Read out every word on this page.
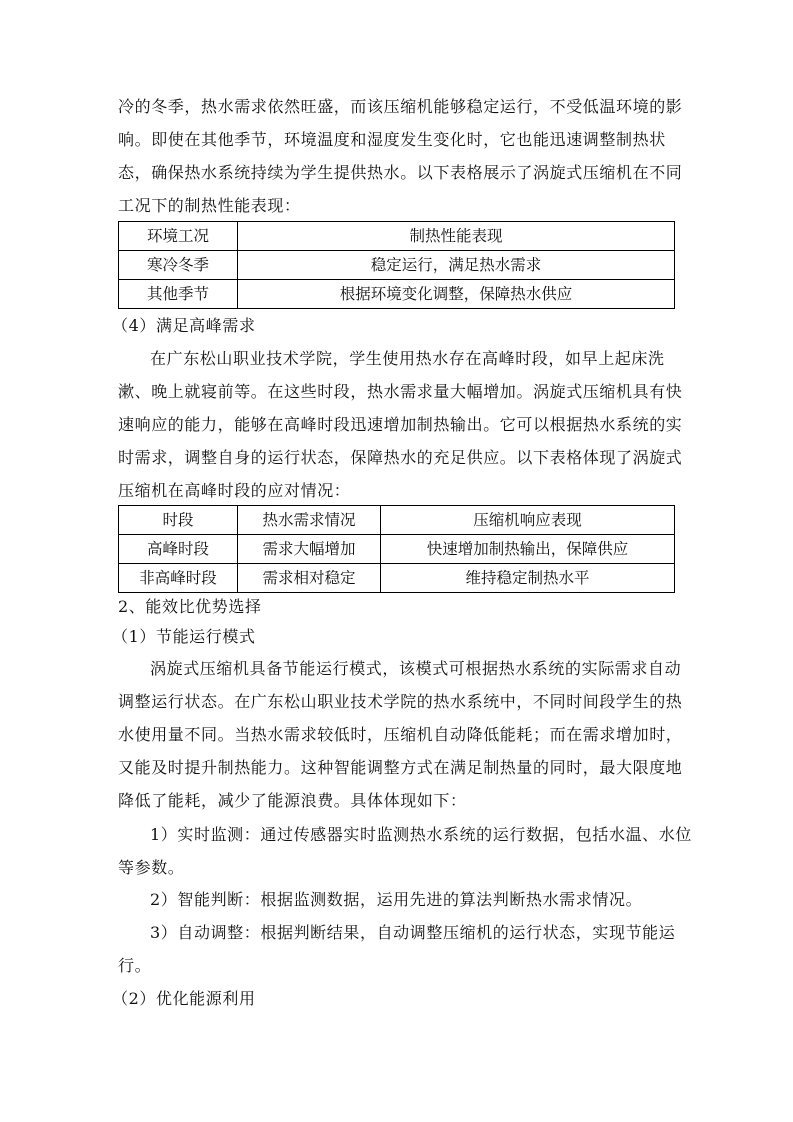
冷的冬季，热水需求依然旺盛，而该压缩机能够稳定运行，不受低温环境的影
响。即使在其他季节，环境温度和湿度发生变化时，它也能迅速调整制热状
态，确保热水系统持续为学生提供热水。以下表格展示了涡旋式压缩机在不同
工况下的制热性能表现：
环境工况	制热性能表现
寒冷冬季	稳定运行，满足热水需求
其他季节	根据环境变化调整，保障热水供应
（4）满足高峰需求
在广东松山职业技术学院，学生使用热水存在高峰时段，如早上起床洗
漱、晚上就寝前等。在这些时段，热水需求量大幅增加。涡旋式压缩机具有快
速响应的能力，能够在高峰时段迅速增加制热输出。它可以根据热水系统的实
时需求，调整自身的运行状态，保障热水的充足供应。以下表格体现了涡旋式
压缩机在高峰时段的应对情况：
时段	热水需求情况	压缩机响应表现
高峰时段	需求大幅增加	快速增加制热输出，保障供应
非高峰时段	需求相对稳定	维持稳定制热水平
2、能效比优势选择
（1）节能运行模式
涡旋式压缩机具备节能运行模式，该模式可根据热水系统的实际需求自动
调整运行状态。在广东松山职业技术学院的热水系统中，不同时间段学生的热
水使用量不同。当热水需求较低时，压缩机自动降低能耗；而在需求增加时，
又能及时提升制热能力。这种智能调整方式在满足制热量的同时，最大限度地
降低了能耗，减少了能源浪费。具体体现如下：
1）实时监测：通过传感器实时监测热水系统的运行数据，包括水温、水位
等参数。
2）智能判断：根据监测数据，运用先进的算法判断热水需求情况。
3）自动调整：根据判断结果，自动调整压缩机的运行状态，实现节能运
行。
（2）优化能源利用
